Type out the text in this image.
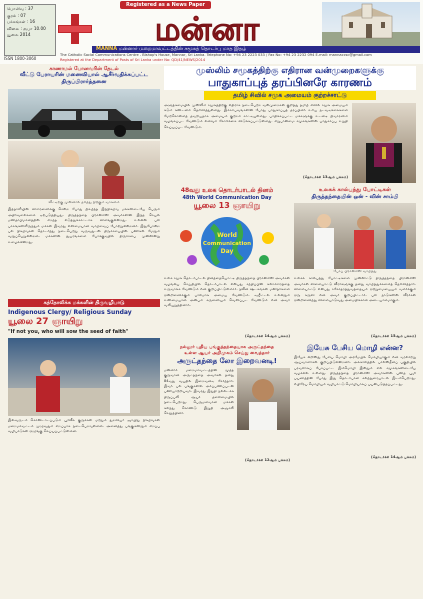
பொலிவு : 37
குரல் : 07
பக்கங்கள் : 16
விலை : ரூபா 10.00
யூலை 2014
ISSN 1800-3060
Registered as a News Paper
மன்னா
MANNA மன்னார் மறைமாவட்டத்தின் சமூகத் தொடர்பு மாத இதழ்
The Catholic Social Communications Centre - Bishop's House, Mannar, Sri Lanka. Telephone No: +94 23 2223 033 / Fax No: +94 23 2232 094 E-mail: mannaccsc@gmail.com
Registered at the Department of Posts of Sri Lanka under No: QD/41/NEWS/2014
காணாமல் போனவரின் தேடல்
வீட்டு பேராயரின் மனைவியால் ஆசீர்வதிக்கப்பட்ட திருப்பிரார்த்தனை
வீட்டிற்கு முன்னால் தரித்து நிற்கும் வாகனம்
இத்தாலியின் விசாரணைக்கு சென்ற போது நிகழ்ந்த இந்நிகழ்வு மக்களிடையே பெரும் அதிர்வலைகளை ஏற்படுத்தியது. திருத்தந்தை பிரான்சிஸ் அவர்களின் இந்த செயல் மனிதாபிமானத்தின் சிறந்த எடுத்துக்காட்டாக விளங்குகின்றது. உலகின் பல பாகங்களிலிருந்தும் மக்கள் இவரது எளிமையான வாழ்வைப் போற்றுகின்றனர். இதுபோன்ற பல நிகழ்வுகள் தொடர்ந்து நடைபெற்று வருவதுடன் திருச்சபையின் பணிகள் மேலும் வலுப்பெறுகின்றன. மக்களின் துயரங்களை போக்குவதில் திருச்சபை முன்னின்று உழைக்கின்றது.
கத்தோலிக்க மக்களின் திருவழிபாடு
Indigenous Clergy/ Religious Sunday
யூலை 27 ஞாயிறு
"If not you, who will sow the seed of faith"
இவ்வருடம் கொண்டாடப்படும் பூர்வீக குருக்கள் மற்றும் துறவியர் ஞாயிறு நிகழ்வுகள் மறைமாவட்டம் முழுவதும் சிறப்பாக நடைபெறவுள்ளன. அனைத்து பங்குகளிலும் சிறப்பு வழிபாடுகள் ஒழுங்கு செய்யப்பட்டுள்ளன.
முஸ்லிம் சமூகத்திற்கு எதிரான வன்முறைகளுக்கு
பாதுகாப்புத் தரப்பினரே காரணம்
தமிழ் சிவில் சமூக அமையம் குற்றச்சாட்டு
அளுத்கமையில் முஸ்லிம் சமூகத்திற்கு எதிராக நடைபெற்ற வன்முறைகள் குறித்து தமிழ் சிவில் சமூக அமையம் கடும் கண்டனம் தெரிவித்துள்ளது. இச்சம்பவங்களின் போது பாதுகாப்புத் தரப்பினர் உரிய நடவடிக்கைகளை மேற்கொள்ளத் தவறியதாக அமையம் குற்றம் சாட்டியுள்ளது. பாதிக்கப்பட்ட மக்களுக்கு உடனடி நிவாரணம் வழங்கப்பட வேண்டும் எனவும் கோரிக்கை விடுக்கப்பட்டுள்ளது. சிறுபான்மை சமூகங்களின் பாதுகாப்பு உறுதி செய்யப்பட வேண்டும்.
(தொடர்ச்சி 13ஆம் பக்கம்)
48வது உலக தொடர்பாடல் தினம்
48th World Communication Day
யூலை 13 ஞாயிறு
World
Communication
Day
உலகக் கால்பந்து போட்டிகள்
திருத்தந்தையின் ஒன் - வின் சாம்பி
போப் பிரான்சிஸ் வாழ்த்து
உலக சமூக தொடர்பாடல் தினத்தையொட்டி திருத்தந்தை பிரான்சிஸ் அவர்கள் வழங்கிய செய்தியில் தொடர்பாடல் என்பது சந்திப்பின் கலாச்சாரத்தை உருவாக்க வேண்டும் என குறிப்பிட்டுள்ளார். நவீன ஊடகங்கள் மனிதர்களை ஒன்றிணைக்கும் பாலமாக அமைய வேண்டும். டிஜிட்டல் உலகிலும் உண்மையான அன்பும் கருணையும் வெளிப்பட வேண்டும் என அவர் வலியுறுத்தினார்.
(தொடர்ச்சி 14ஆம் பக்கம்)
உலகக் கால்பந்து போட்டிகளை முன்னிட்டு திருத்தந்தை பிரான்சிஸ் அவர்கள் விளையாட்டு வீரர்களுக்கு தனது வாழ்த்துக்களைத் தெரிவித்தார். விளையாட்டு என்பது சகோதரத்துவத்தையும் ஒற்றுமையையும் வளர்க்கும் ஒரு கருவி என அவர் குறிப்பிட்டார். பல நாடுகளின் வீரர்கள் ஒன்றிணைந்து விளையாடுவது அமைதிக்கான அடையாளமாகும்.
(தொடர்ச்சி 15ஆம் பக்கம்)
நல்லூர் புதிய பங்குத்தந்தையாக அருட்தந்தை
உள்ள ஆயர் அறிமுகம் செய்து வைத்தார்
அருட்தந்தை லோ இறைவனடி!
மன்னார் மறைமாவட்டத்தின் மூத்த குருவான அருட்தந்தை அவர்கள் தனது 84வது வயதில் இறைவனடி சேர்ந்தார். இவர் பல பங்குகளில் அர்ப்பணிப்புடன் பணியாற்றியவர். இவரது இறுதி நல்லடக்க திருப்பலி ஆயர் தலைமையில் நடைபெற்றது. பெருமளவான மக்கள் கலந்து கொண்டு இறுதி அஞ்சலி செலுத்தினர்.
(தொடர்ச்சி 12ஆம் பக்கம்)
இயேசு பேசிய மொழி என்ன?
இயேசு கிறிஸ்து பேசிய மொழி அரமேயிக் மொழியாகும் என வரலாற்று ஆய்வாளர்கள் குறிப்பிடுகின்றனர். அக்காலத்தில் பாலஸ்தீனப் பகுதியில் பரவலாகப் பேசப்பட்ட இம்மொழி இன்றும் சில சமூகங்களிடையே வழக்கில் உள்ளது. திருத்தந்தை பிரான்சிஸ் அவர்களின் புனித பூமி பயணத்தின் போது இது தொடர்பான கலந்துரையாடல் இடம்பெற்றது. எபிரேய மொழியும் வழிபாட்டு மொழியாகப் பயன்படுத்தப்பட்டது.
(தொடர்ச்சி 14ஆம் பக்கம்)
